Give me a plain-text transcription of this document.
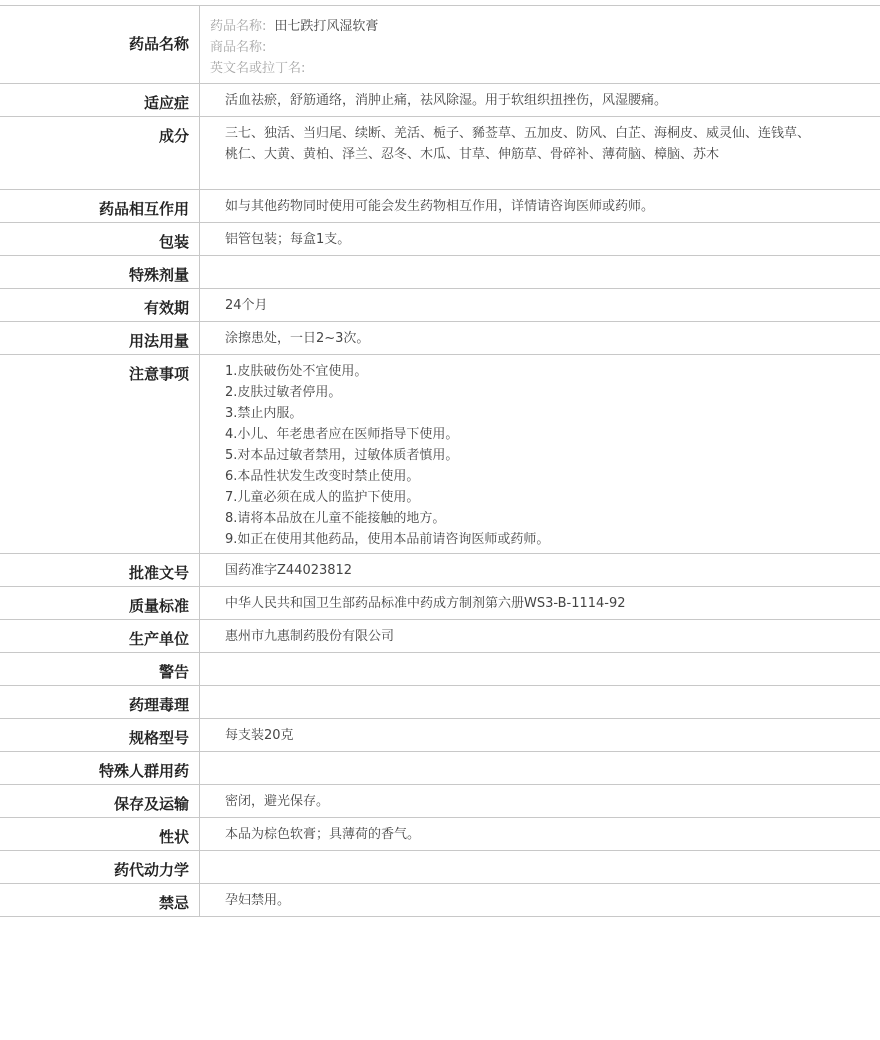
药品名称
药品名称: 田七跌打风湿软膏
商品名称:
英文名或拉丁名:
适应症	活血祛瘀，舒筋通络，消肿止痛，祛风除湿。用于软组织扭挫伤，风湿腰痛。
成分	三七、独活、当归尾、续断、羌活、栀子、豨莶草、五加皮、防风、白芷、海桐皮、威灵仙、连钱草、桃仁、大黄、黄柏、泽兰、忍冬、木瓜、甘草、伸筋草、骨碎补、薄荷脑、樟脑、苏木
药品相互作用	如与其他药物同时使用可能会发生药物相互作用，详情请咨询医师或药师。
包装	铝管包装；每盒1支。
特殊剂量
有效期	24个月
用法用量	涂擦患处，一日2~3次。
注意事项	1.皮肤破伤处不宜使用。
2.皮肤过敏者停用。
3.禁止内服。
4.小儿、年老患者应在医师指导下使用。
5.对本品过敏者禁用，过敏体质者慎用。
6.本品性状发生改变时禁止使用。
7.儿童必须在成人的监护下使用。
8.请将本品放在儿童不能接触的地方。
9.如正在使用其他药品，使用本品前请咨询医师或药师。
批准文号	国药准字Z44023812
质量标准	中华人民共和国卫生部药品标准中药成方制剂第六册WS3-B-1114-92
生产单位	惠州市九惠制药股份有限公司
警告
药理毒理
规格型号	每支装20克
特殊人群用药
保存及运输	密闭，避光保存。
性状	本品为棕色软膏；具薄荷的香气。
药代动力学
禁忌	孕妇禁用。
